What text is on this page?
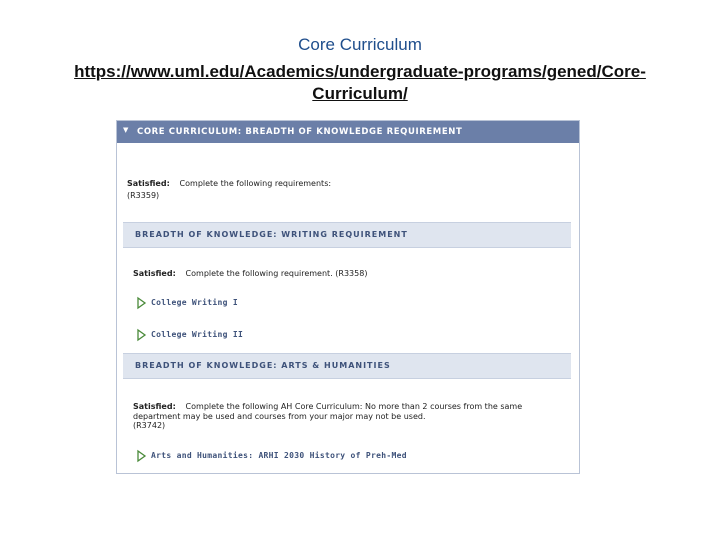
Core Curriculum
https://www.uml.edu/Academics/undergraduate-programs/gened/Core-
Curriculum/
▼ CORE CURRICULUM: BREADTH OF KNOWLEDGE REQUIREMENT
Satisfied: Complete the following requirements:
(R3359)
BREADTH OF KNOWLEDGE: WRITING REQUIREMENT
Satisfied: Complete the following requirement. (R3358)
College Writing I
College Writing II
BREADTH OF KNOWLEDGE: ARTS & HUMANITIES
Satisfied: Complete the following AH Core Curriculum: No more than 2 courses from the same
department may be used and courses from your major may not be used.
(R3742)
Arts and Humanities: ARHI 2030 History of Preh-Med
